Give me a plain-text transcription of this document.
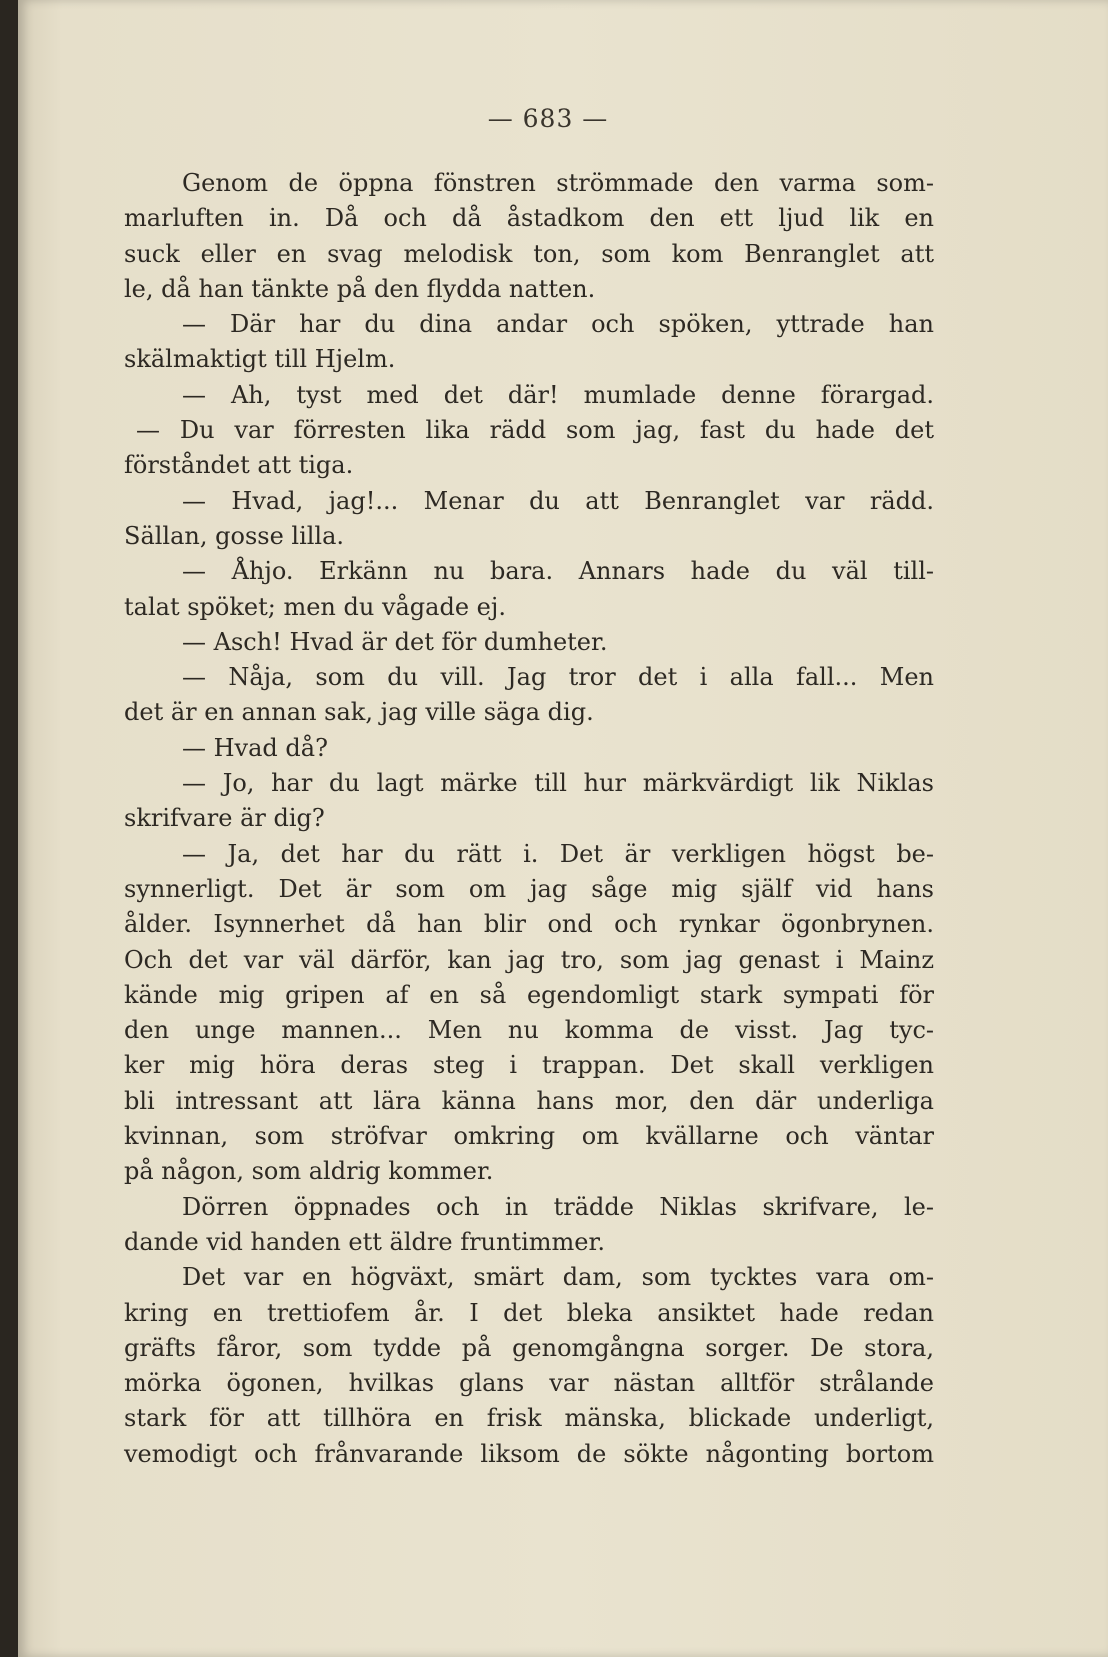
— 683 —
Genom de öppna fönstren strömmade den varma som-
marluften in. Då och då åstadkom den ett ljud lik en
suck eller en svag melodisk ton, som kom Benranglet att
le, då han tänkte på den flydda natten.
— Där har du dina andar och spöken, yttrade han
skälmaktigt till Hjelm.
— Ah, tyst med det där! mumlade denne förargad.
— Du var förresten lika rädd som jag, fast du hade det
förståndet att tiga.
— Hvad, jag!... Menar du att Benranglet var rädd.
Sällan, gosse lilla.
— Åhjo. Erkänn nu bara. Annars hade du väl till-
talat spöket; men du vågade ej.
— Asch! Hvad är det för dumheter.
— Nåja, som du vill. Jag tror det i alla fall... Men
det är en annan sak, jag ville säga dig.
— Hvad då?
— Jo, har du lagt märke till hur märkvärdigt lik Niklas
skrifvare är dig?
— Ja, det har du rätt i. Det är verkligen högst be-
synnerligt. Det är som om jag såge mig själf vid hans
ålder. Isynnerhet då han blir ond och rynkar ögonbrynen.
Och det var väl därför, kan jag tro, som jag genast i Mainz
kände mig gripen af en så egendomligt stark sympati för
den unge mannen... Men nu komma de visst. Jag tyc-
ker mig höra deras steg i trappan. Det skall verkligen
bli intressant att lära känna hans mor, den där underliga
kvinnan, som ströfvar omkring om kvällarne och väntar
på någon, som aldrig kommer.
Dörren öppnades och in trädde Niklas skrifvare, le-
dande vid handen ett äldre fruntimmer.
Det var en högväxt, smärt dam, som tycktes vara om-
kring en trettiofem år. I det bleka ansiktet hade redan
gräfts fåror, som tydde på genomgångna sorger. De stora,
mörka ögonen, hvilkas glans var nästan alltför strålande
stark för att tillhöra en frisk mänska, blickade underligt,
vemodigt och frånvarande liksom de sökte någonting bortom
